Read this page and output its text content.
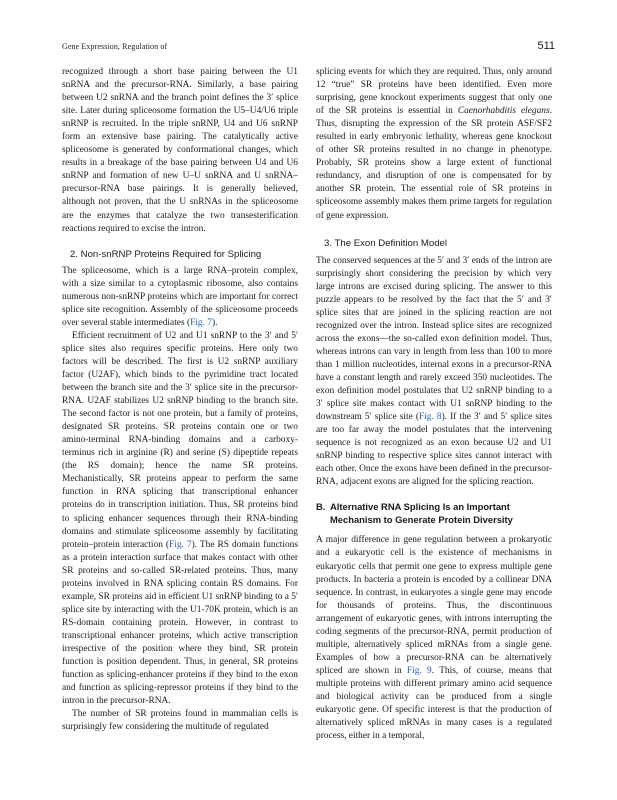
Gene Expression, Regulation of	511

recognized through a short base pairing between the U1 snRNA and the precursor-RNA. Similarly, a base pairing between U2 snRNA and the branch point defines the 3′ splice site. Later during spliceosome formation the U5–U4/U6 triple snRNP is recruited. In the triple snRNP, U4 and U6 snRNP form an extensive base pairing. The catalytically active spliceosome is generated by conformational changes, which results in a breakage of the base pairing between U4 and U6 snRNP and formation of new U–U snRNA and U snRNA–precursor-RNA base pairings. It is generally believed, although not proven, that the U snRNAs in the spliceosome are the enzymes that catalyze the two transesterification reactions required to excise the intron.

2. Non-snRNP Proteins Required for Splicing

The spliceosome, which is a large RNA–protein complex, with a size similar to a cytoplasmic ribosome, also contains numerous non-snRNP proteins which are important for correct splice site recognition. Assembly of the spliceosome proceeds over several stable intermediates (Fig. 7).

Efficient recruitment of U2 and U1 snRNP to the 3′ and 5′ splice sites also requires specific proteins. Here only two factors will be described. The first is U2 snRNP auxiliary factor (U2AF), which binds to the pyrimidine tract located between the branch site and the 3′ splice site in the precursor-RNA. U2AF stabilizes U2 snRNP binding to the branch site. The second factor is not one protein, but a family of proteins, designated SR proteins. SR proteins contain one or two amino-terminal RNA-binding domains and a carboxy-terminus rich in arginine (R) and serine (S) dipeptide repeats (the RS domain); hence the name SR proteins. Mechanistically, SR proteins appear to perform the same function in RNA splicing that transcriptional enhancer proteins do in transcription initiation. Thus, SR proteins bind to splicing enhancer sequences through their RNA-binding domains and stimulate spliceosome assembly by facilitating protein–protein interaction (Fig. 7). The RS domain functions as a protein interaction surface that makes contact with other SR proteins and so-called SR-related proteins. Thus, many proteins involved in RNA splicing contain RS domains. For example, SR proteins aid in efficient U1 snRNP binding to a 5′ splice site by interacting with the U1-70K protein, which is an RS-domain containing protein. However, in contrast to transcriptional enhancer proteins, which active transcription irrespective of the position where they bind, SR protein function is position dependent. Thus, in general, SR proteins function as splicing-enhancer proteins if they bind to the exon and function as splicing-repressor proteins if they bind to the intron in the precursor-RNA.

The number of SR proteins found in mammalian cells is surprisingly few considering the multitude of regulated

splicing events for which they are required. Thus, only around 12 “true” SR proteins have been identified. Even more surprising, gene knockout experiments suggest that only one of the SR proteins is essential in Caenorhabditis elegans. Thus, disrupting the expression of the SR protein ASF/SF2 resulted in early embryonic lethality, whereas gene knockout of other SR proteins resulted in no change in phenotype. Probably, SR proteins show a large extent of functional redundancy, and disruption of one is compensated for by another SR protein. The essential role of SR proteins in spliceosome assembly makes them prime targets for regulation of gene expression.

3. The Exon Definition Model

The conserved sequences at the 5′ and 3′ ends of the intron are surprisingly short considering the precision by which very large introns are excised during splicing. The answer to this puzzle appears to be resolved by the fact that the 5′ and 3′ splice sites that are joined in the splicing reaction are not recognized over the intron. Instead splice sites are recognized across the exons—the so-called exon definition model. Thus, whereas introns can vary in length from less than 100 to more than 1 million nucleotides, internal exons in a precursor-RNA have a constant length and rarely exceed 350 nucleotides. The exon definition model postulates that U2 snRNP binding to a 3′ splice site makes contact with U1 snRNP binding to the downstream 5′ splice site (Fig. 8). If the 3′ and 5′ splice sites are too far away the model postulates that the intervening sequence is not recognized as an exon because U2 and U1 snRNP binding to respective splice sites cannot interact with each other. Once the exons have been defined in the precursor-RNA, adjacent exons are aligned for the splicing reaction.

B. Alternative RNA Splicing Is an Important Mechanism to Generate Protein Diversity

A major difference in gene regulation between a prokaryotic and a eukaryotic cell is the existence of mechanisms in eukaryotic cells that permit one gene to express multiple gene products. In bacteria a protein is encoded by a collinear DNA sequence. In contrast, in eukaryotes a single gene may encode for thousands of proteins. Thus, the discontinuous arrangement of eukaryotic genes, with introns interrupting the coding segments of the precursor-RNA, permit production of multiple, alternatively spliced mRNAs from a single gene. Examples of how a precursor-RNA can be alternatively spliced are shown in Fig. 9. This, of course, means that multiple proteins with different primary amino acid sequence and biological activity can be produced from a single eukaryotic gene. Of specific interest is that the production of alternatively spliced mRNAs in many cases is a regulated process, either in a temporal,
